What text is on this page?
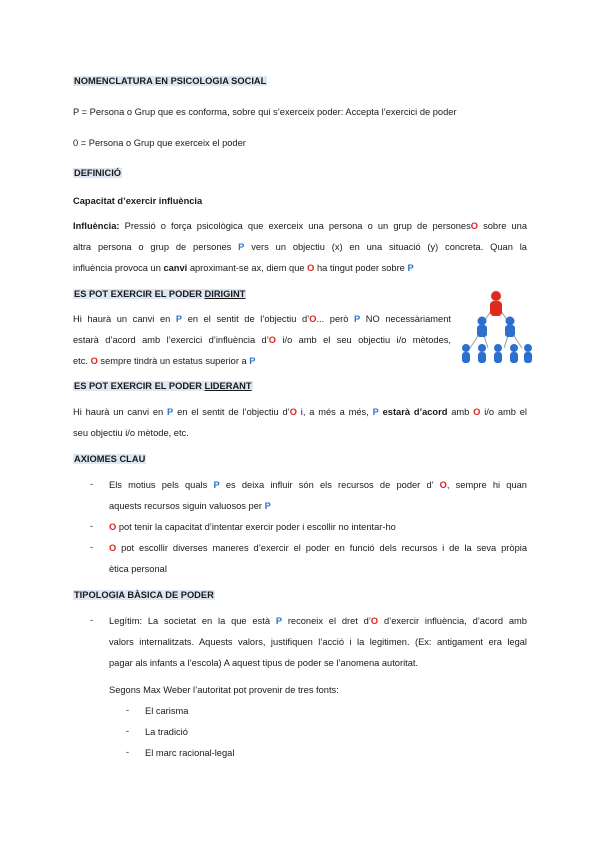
NOMENCLATURA EN PSICOLOGIA SOCIAL
P = Persona o Grup que es conforma, sobre qui s’exerceix poder: Accepta l’exercici de poder
0 = Persona o Grup que exerceix el poder
DEFINICIÓ
Capacitat d’exercir influència
Influència: Pressió o força psicològica que exerceix una persona o un grup de personesO sobre una
altra persona o grup de persones P vers un objectiu (x) en una situació (y) concreta. Quan la
influència provoca un canvi aproximant-se ax, diem que O ha tingut poder sobre P
ES POT EXERCIR EL PODER DIRIGINT
Hi haurà un canvi en P en el sentit de l’objectiu d’O... però P NO necessàriament
estarà d’acord amb l’exercici d’influència d’O i/o amb el seu objectiu i/o mètodes,
etc. O sempre tindrà un estatus superior a P
ES POT EXERCIR EL PODER LIDERANT
Hi haurà un canvi en P en el sentit de l’objectiu d’O i, a més a més, P estarà d’acord amb O i/o amb el
seu objectiu i/o mètode, etc.
AXIOMES CLAU
- Els motius pels quals P es deixa influir són els recursos de poder d’ O, sempre hi quan
aquests recursos siguin valuosos per P
- O pot tenir la capacitat d’intentar exercir poder i escollir no intentar-ho
- O pot escollir diverses maneres d’exercir el poder en funció dels recursos i de la seva pròpia
ètica personal
TIPOLOGIA BÀSICA DE PODER
- Legítim: La societat en la que està P reconeix el dret d’O d’exercir influència, d’acord amb
valors internalitzats. Aquests valors, justifiquen l’acció i la legitimen. (Ex: antigament era legal
pagar als infants a l’escola) A aquest tipus de poder se l’anomena autoritat.
Segons Max Weber l’autoritat pot provenir de tres fonts:
- El carisma
- La tradició
- El marc racional-legal
